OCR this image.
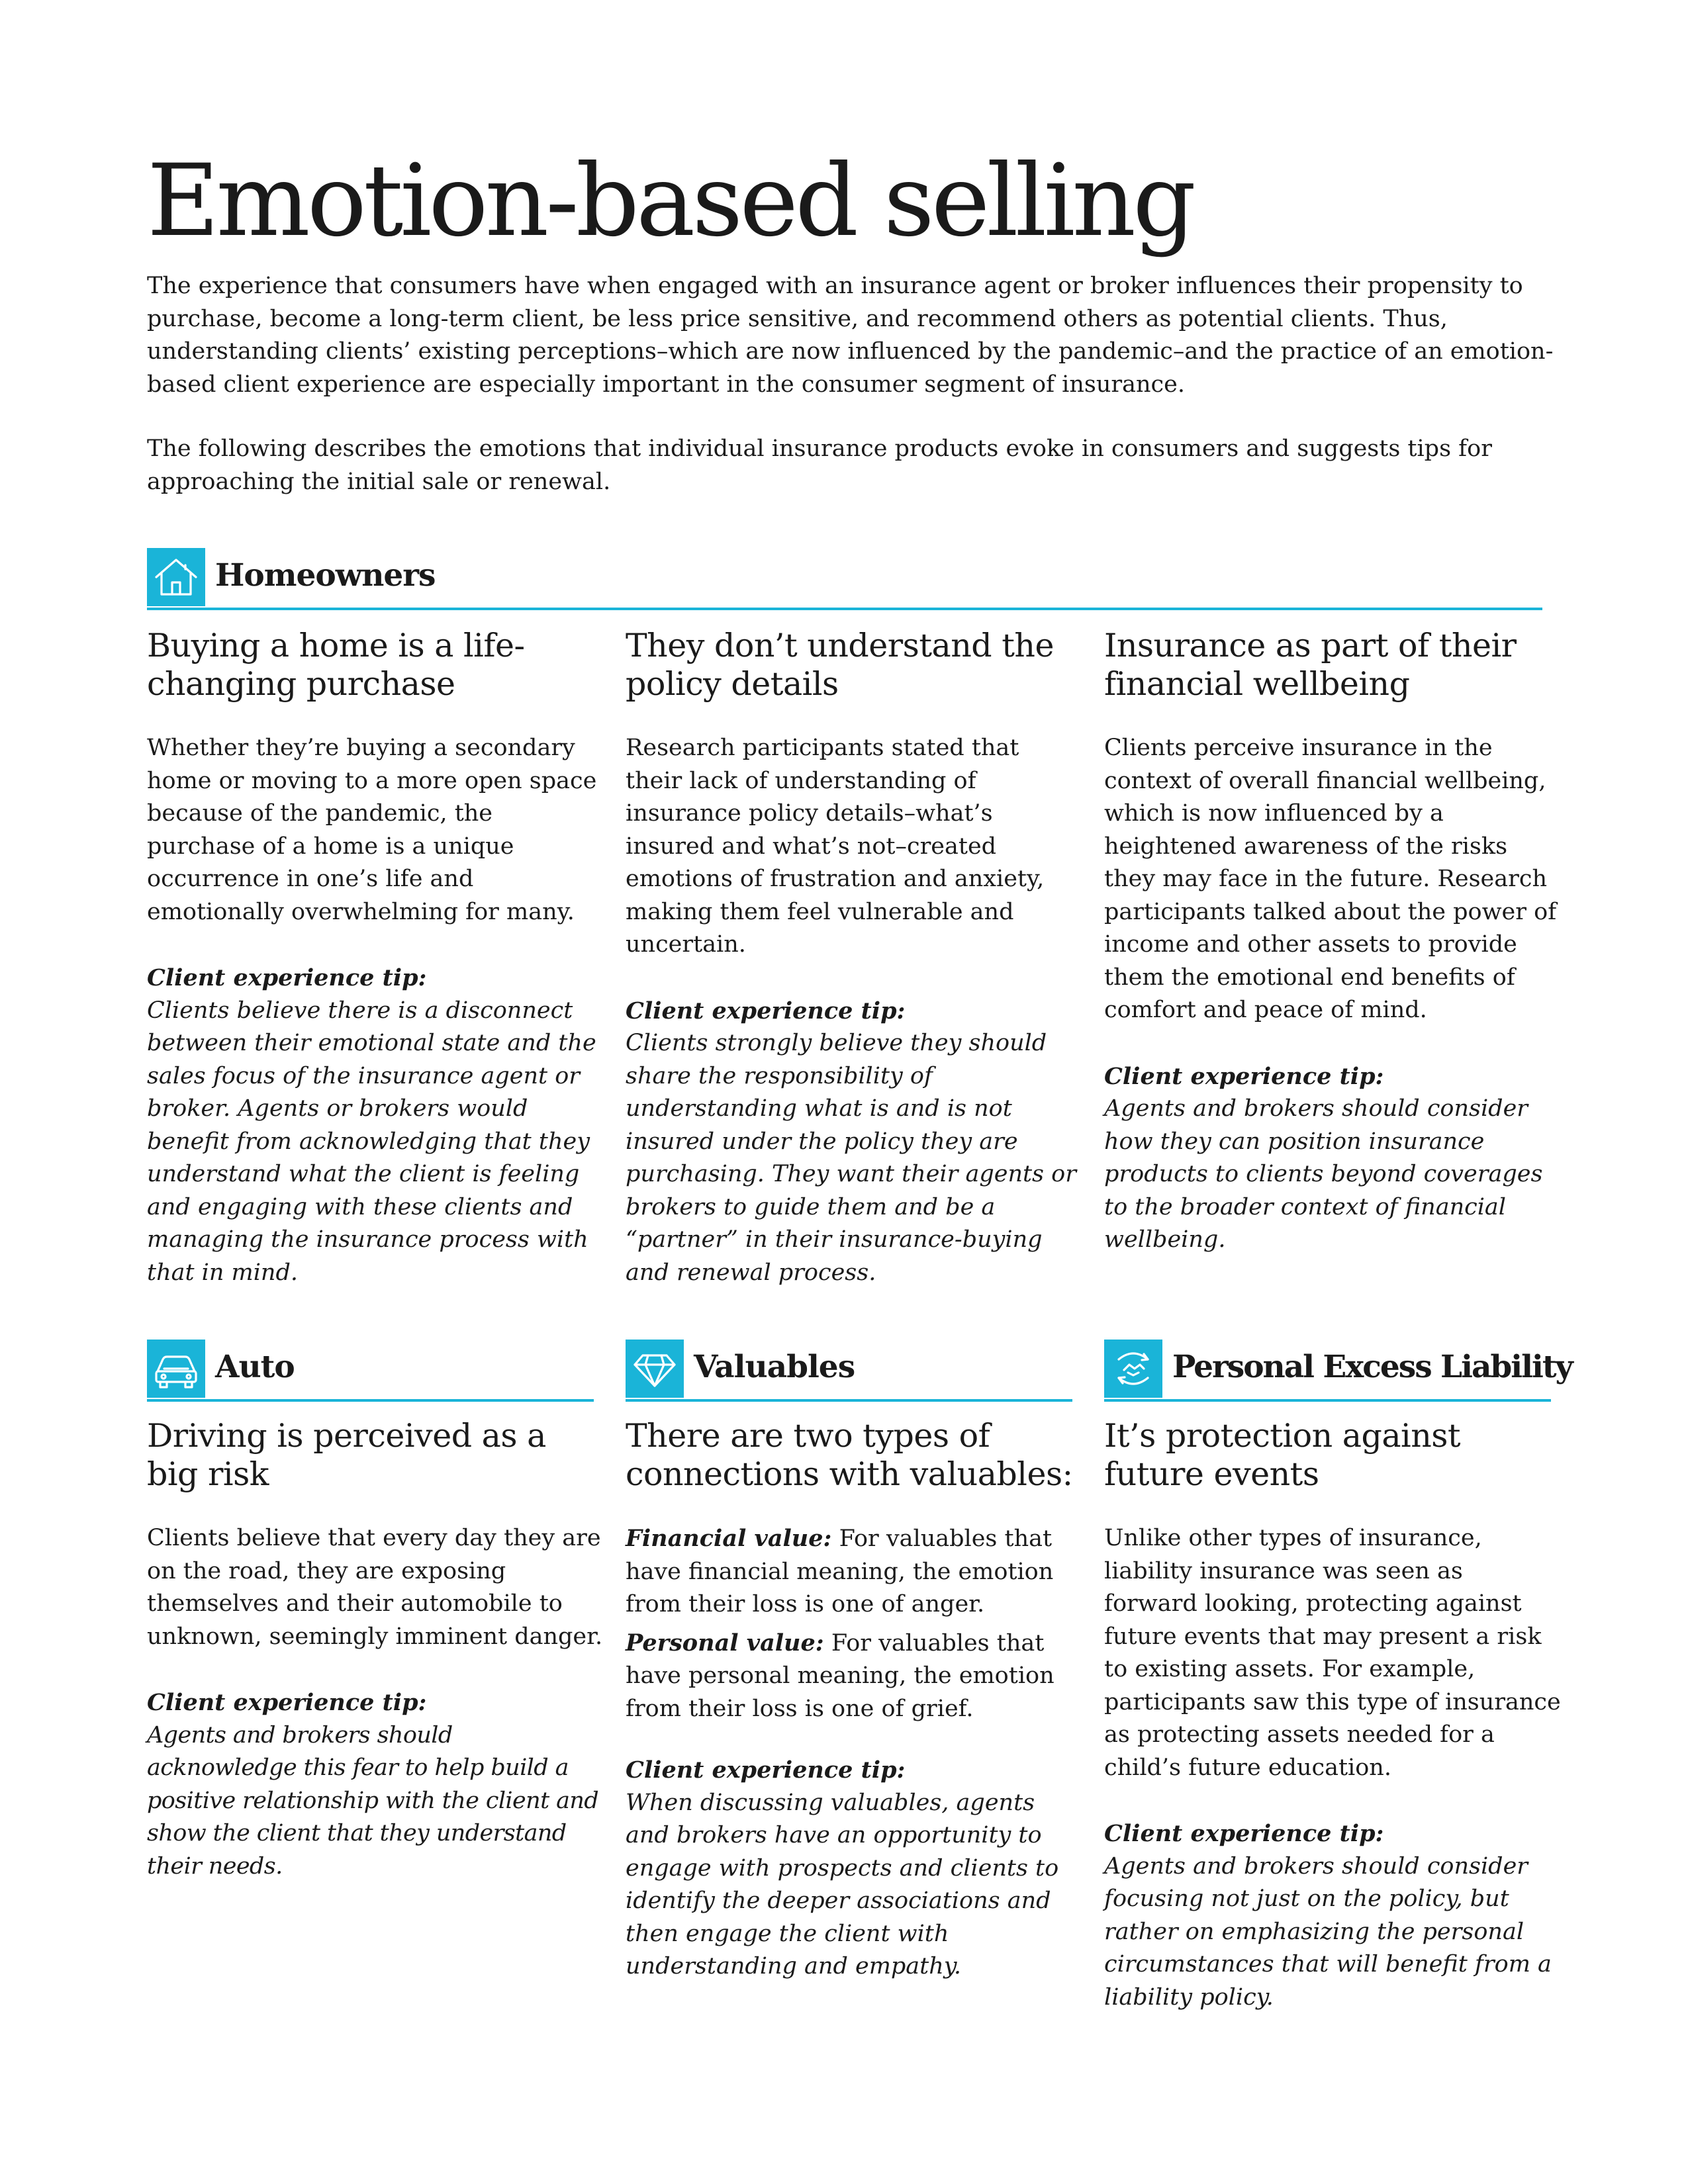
Emotion-based selling

The experience that consumers have when engaged with an insurance agent or broker influences their propensity to purchase, become a long-term client, be less price sensitive, and recommend others as potential clients. Thus, understanding clients’ existing perceptions–which are now influenced by the pandemic–and the practice of an emotion-based client experience are especially important in the consumer segment of insurance.

The following describes the emotions that individual insurance products evoke in consumers and suggests tips for approaching the initial sale or renewal.

Homeowners
Buying a home is a life-changing purchase

Whether they’re buying a secondary home or moving to a more open space because of the pandemic, the purchase of a home is a unique occurrence in one’s life and emotionally overwhelming for many.

Client experience tip:

Clients believe there is a disconnect between their emotional state and the sales focus of the insurance agent or broker. Agents or brokers would benefit from acknowledging that they understand what the client is feeling and engaging with these clients and managing the insurance process with that in mind.

They don’t understand the policy details

Research participants stated that their lack of understanding of insurance policy details–what’s insured and what’s not–created emotions of frustration and anxiety, making them feel vulnerable and uncertain.

Client experience tip:

Clients strongly believe they should share the responsibility of understanding what is and is not insured under the policy they are purchasing. They want their agents or brokers to guide them and be a “partner” in their insurance-buying and renewal process.

Insurance as part of their financial wellbeing

Clients perceive insurance in the context of overall financial wellbeing, which is now influenced by a heightened awareness of the risks they may face in the future. Research participants talked about the power of income and other assets to provide them the emotional end benefits of comfort and peace of mind.

Client experience tip:

Agents and brokers should consider how they can position insurance products to clients beyond coverages to the broader context of financial wellbeing.

Auto
Driving is perceived as a big risk

Clients believe that every day they are on the road, they are exposing themselves and their automobile to unknown, seemingly imminent danger.

Client experience tip:

Agents and brokers should acknowledge this fear to help build a positive relationship with the client and show the client that they understand their needs.

Valuables
There are two types of connections with valuables:

Financial value: For valuables that have financial meaning, the emotion from their loss is one of anger.

Personal value: For valuables that have personal meaning, the emotion from their loss is one of grief.

Client experience tip:

When discussing valuables, agents and brokers have an opportunity to engage with prospects and clients to identify the deeper associations and then engage the client with understanding and empathy.

Personal Excess Liability
It’s protection against future events

Unlike other types of insurance, liability insurance was seen as forward looking, protecting against future events that may present a risk to existing assets. For example, participants saw this type of insurance as protecting assets needed for a child’s future education.

Client experience tip:

Agents and brokers should consider focusing not just on the policy, but rather on emphasizing the personal circumstances that will benefit from a liability policy.
